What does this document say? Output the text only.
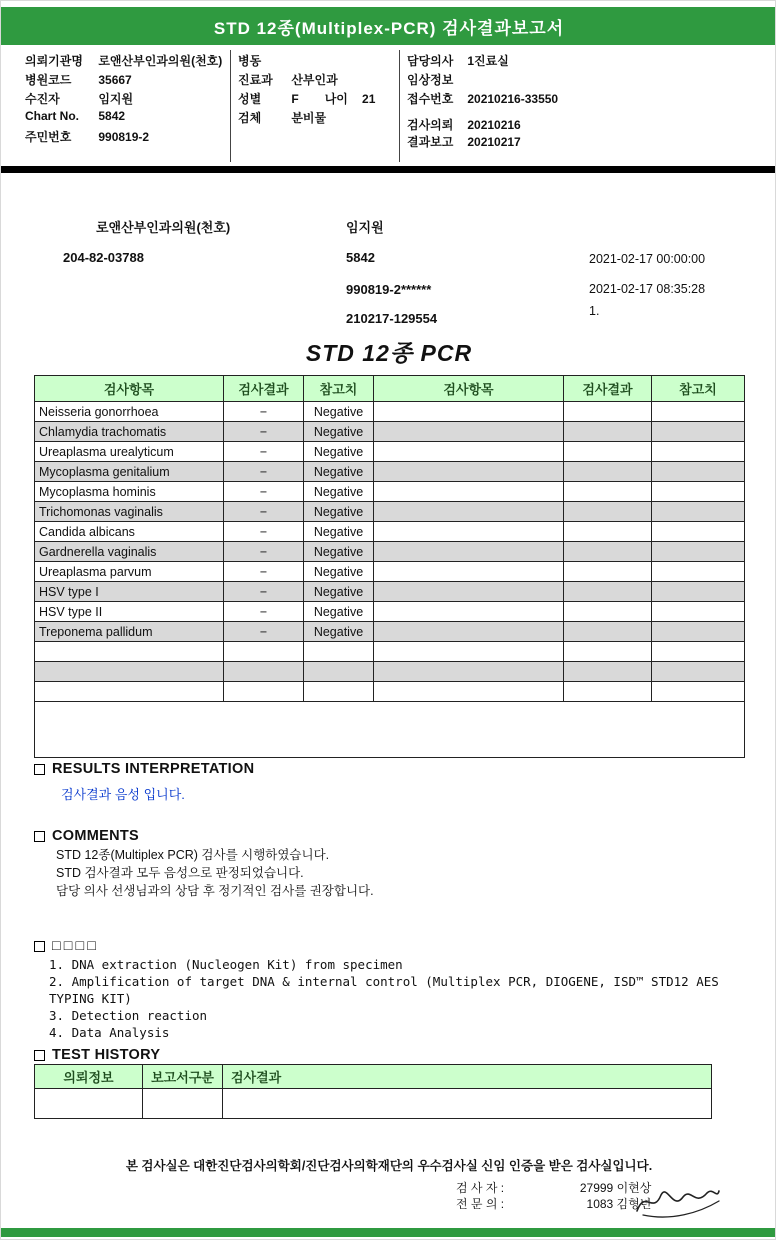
STD 12종(Multiplex-PCR) 검사결과보고서
의뢰기관명 로앤산부인과의원(천호)
병원코드 35667
수진자	임지원
Chart No. 5842
주민번호 990819-2
병동
진료과 산부인과
성별	F 나이 21
검체	분비물
담당의사 1진료실
임상정보
접수번호 20210216-33550
검사의뢰 20210216
결과보고 20210217
로앤산부인과의원(천호)
204-82-03788
임지원
5842
990819-2******
210217-129554
2021-02-17 00:00:00
2021-02-17 08:35:28
1.
STD 12종 PCR
검사항목	검사결과	참고치	검사항목	검사결과	참고치
Neisseria gonorrhoea	−	Negative			
Chlamydia trachomatis	−	Negative			
Ureaplasma urealyticum	−	Negative			
Mycoplasma genitalium	−	Negative			
Mycoplasma hominis	−	Negative			
Trichomonas vaginalis	−	Negative			
Candida albicans	−	Negative			
Gardnerella vaginalis	−	Negative			
Ureaplasma parvum	−	Negative			
HSV type I	−	Negative			
HSV type II	−	Negative			
Treponema pallidum	−	Negative			

RESULTS INTERPRETATION
검사결과 음성 입니다.
COMMENTS
STD 12종(Multiplex PCR) 검사를 시행하였습니다.
STD 검사결과 모두 음성으로 판정되었습니다.
담당 의사 선생님과의 상담 후 정기적인 검사를 권장합니다.
□□□□
1. DNA extraction (Nucleogen Kit) from specimen
2. Amplification of target DNA & internal control (Multiplex PCR, DIOGENE, ISD™ STD12 AES TYPING KIT)
3. Detection reaction
4. Data Analysis
TEST HISTORY
의뢰정보	보고서구분	검사결과

본 검사실은 대한진단검사의학회/진단검사의학재단의 우수검사실 신임 인증을 받은 검사실입니다.
검 사 자 :	27999 이현상
전 문 의 :	1083 김형년
